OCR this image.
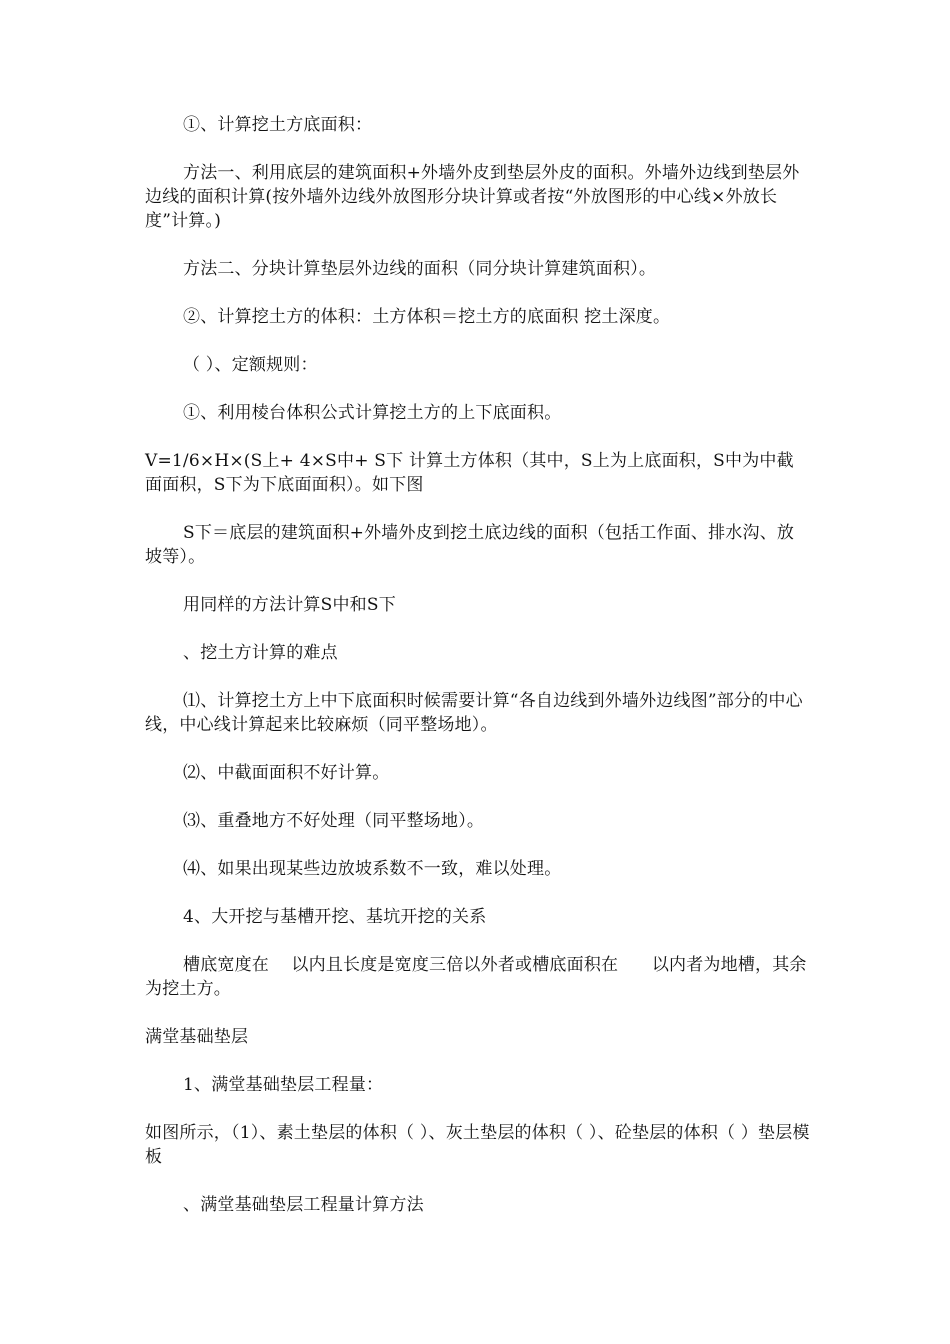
①、计算挖土方底面积：

方法一、利用底层的建筑面积+外墙外皮到垫层外皮的面积。外墙外边线到垫层外边线的面积计算(按外墙外边线外放图形分块计算或者按“外放图形的中心线×外放长度”计算。)

方法二、分块计算垫层外边线的面积（同分块计算建筑面积）。

②、计算挖土方的体积：土方体积＝挖土方的底面积 挖土深度。

（ ）、定额规则：

①、利用棱台体积公式计算挖土方的上下底面积。

V=1/6×H×(S上+ 4×S中+ S下 计算土方体积（其中，S上为上底面积，S中为中截面面积，S下为下底面面积）。如下图

S下＝底层的建筑面积+外墙外皮到挖土底边线的面积（包括工作面、排水沟、放坡等）。

用同样的方法计算S中和S下

、挖土方计算的难点

⑴、计算挖土方上中下底面积时候需要计算“各自边线到外墙外边线图”部分的中心线，中心线计算起来比较麻烦（同平整场地）。

⑵、中截面面积不好计算。

⑶、重叠地方不好处理（同平整场地）。

⑷、如果出现某些边放坡系数不一致，难以处理。

4、大开挖与基槽开挖、基坑开挖的关系

槽底宽度在    以内且长度是宽度三倍以外者或槽底面积在      以内者为地槽，其余为挖土方。

满堂基础垫层

1、满堂基础垫层工程量：

如图所示，（1）、素土垫层的体积（ ）、灰土垫层的体积（ ）、砼垫层的体积（ ）垫层模板

、满堂基础垫层工程量计算方法
